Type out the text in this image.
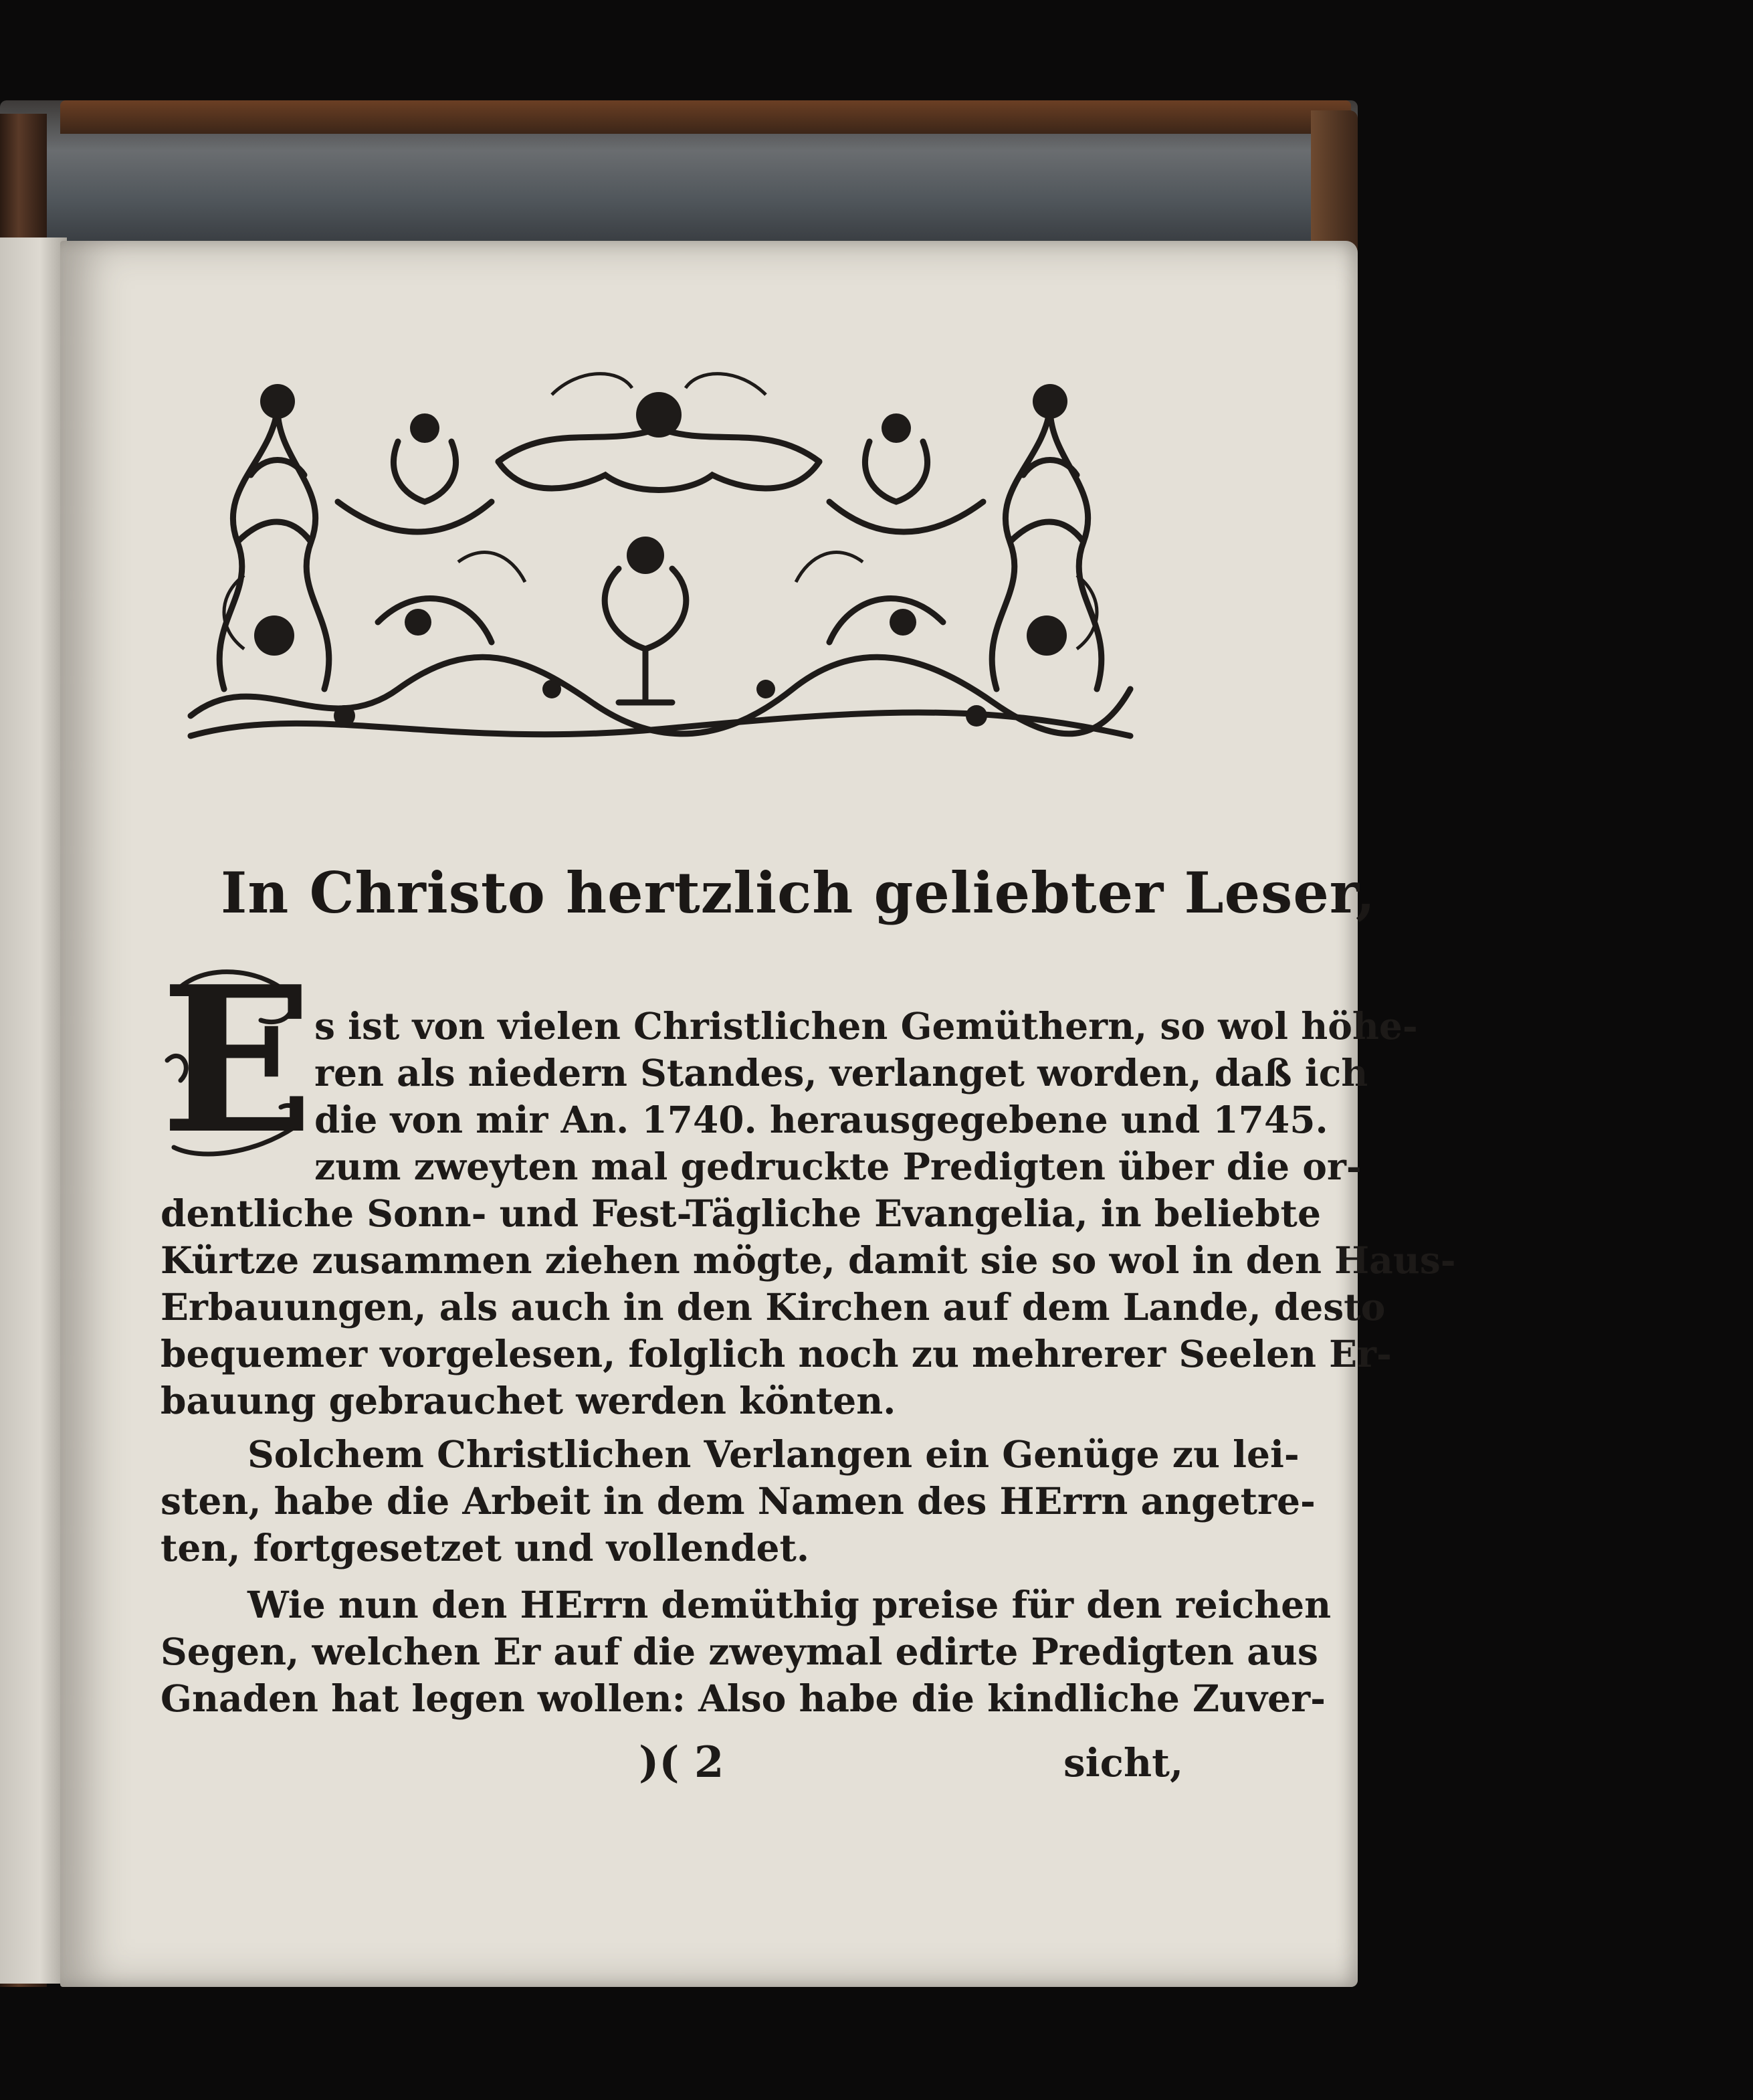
In Christo hertzlich geliebter Leser,
E s ist von vielen Christlichen Gemüthern, so wol höhe-
ren als niedern Standes, verlanget worden, daß ich
die von mir An. 1740. herausgegebene und 1745.
zum zweyten mal gedruckte Predigten über die or-
dentliche Sonn- und Fest-Tägliche Evangelia, in beliebte
Kürtze zusammen ziehen mögte, damit sie so wol in den Haus-
Erbauungen, als auch in den Kirchen auf dem Lande, desto
bequemer vorgelesen, folglich noch zu mehrerer Seelen Er-
bauung gebrauchet werden könten.
Solchem Christlichen Verlangen ein Genüge zu lei-
sten, habe die Arbeit in dem Namen des HErrn angetre-
ten, fortgesetzet und vollendet.
Wie nun den HErrn demüthig preise für den reichen
Segen, welchen Er auf die zweymal edirte Predigten aus
Gnaden hat legen wollen: Also habe die kindliche Zuver-
)( 2	sicht,
